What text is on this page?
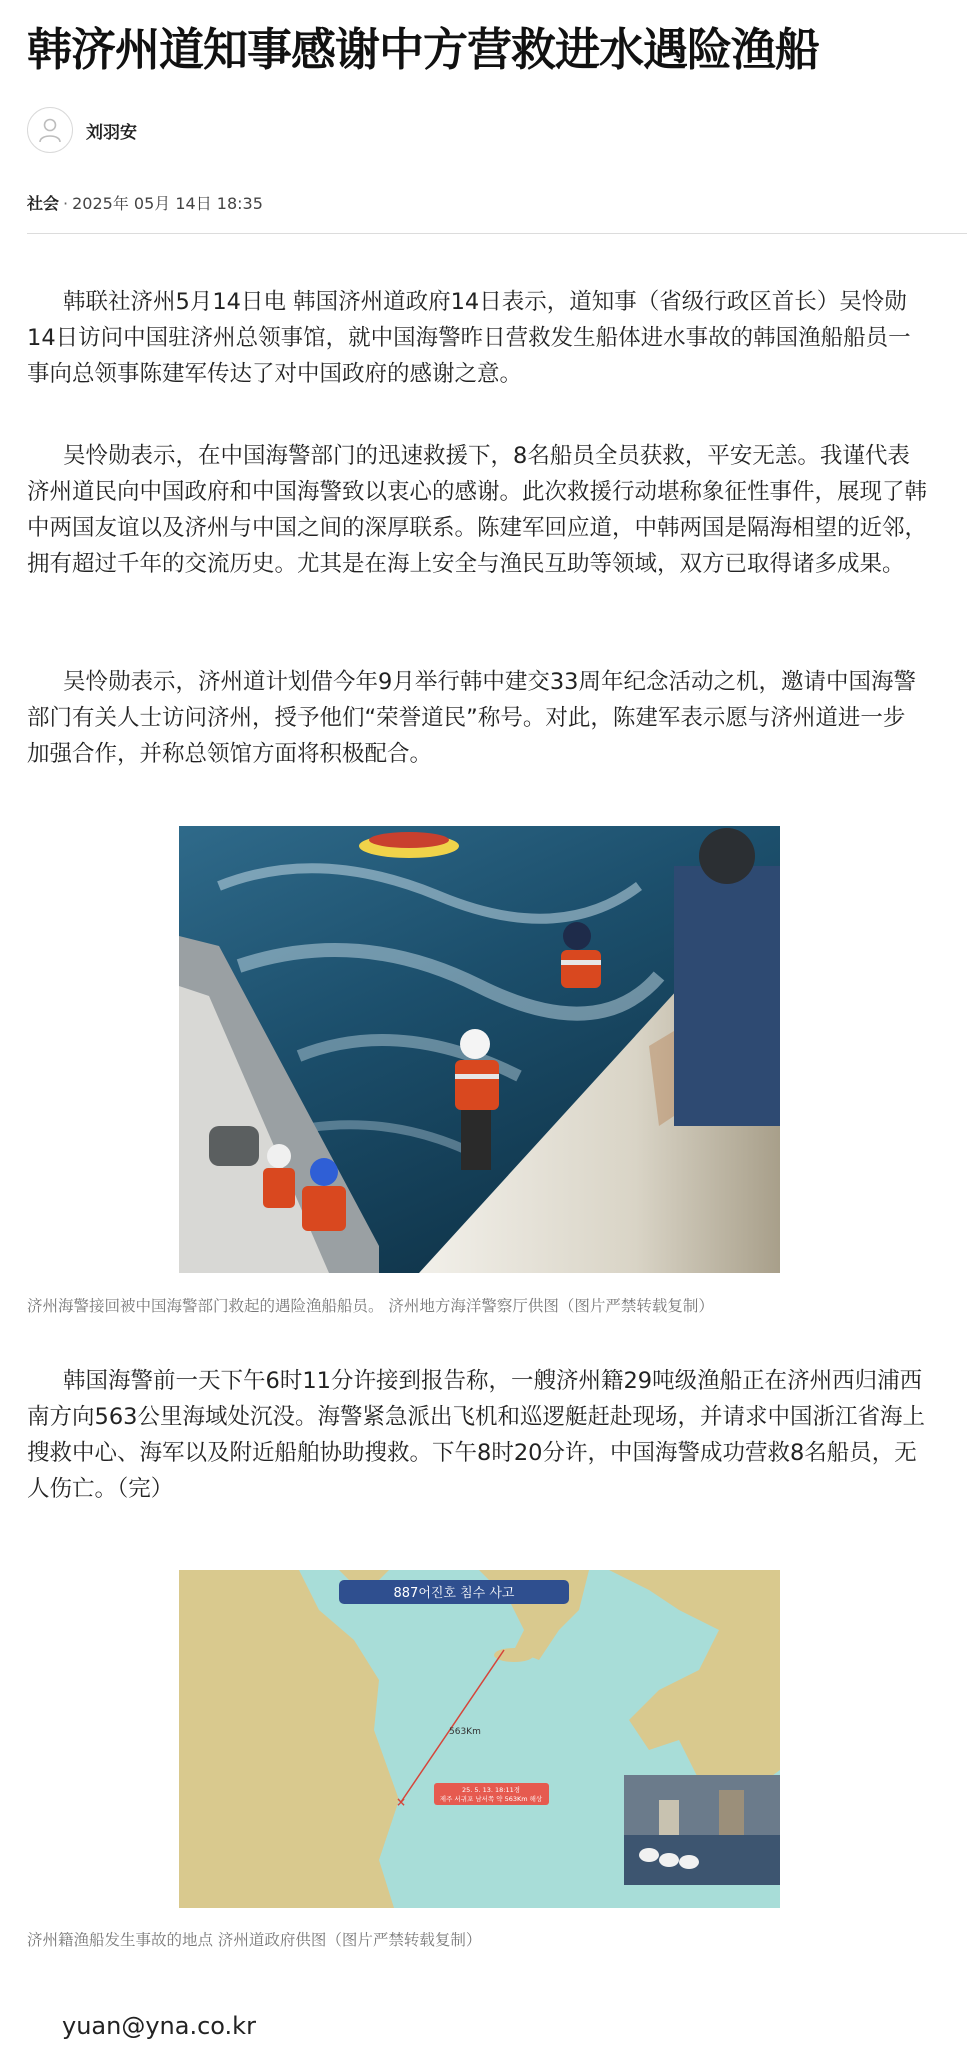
韩济州道知事感谢中方营救进水遇险渔船
刘羽安
社会 · 2025年 05月 14日 18:35

韩联社济州5月14日电 韩国济州道政府14日表示，道知事（省级行政区首长）吴怜勋14日访问中国驻济州总领事馆，就中国海警昨日营救发生船体进水事故的韩国渔船船员一事向总领事陈建军传达了对中国政府的感谢之意。

吴怜勋表示，在中国海警部门的迅速救援下，8名船员全员获救，平安无恙。我谨代表济州道民向中国政府和中国海警致以衷心的感谢。此次救援行动堪称象征性事件，展现了韩中两国友谊以及济州与中国之间的深厚联系。陈建军回应道，中韩两国是隔海相望的近邻，拥有超过千年的交流历史。尤其是在海上安全与渔民互助等领域，双方已取得诸多成果。

吴怜勋表示，济州道计划借今年9月举行韩中建交33周年纪念活动之机，邀请中国海警部门有关人士访问济州，授予他们“荣誉道民”称号。对此，陈建军表示愿与济州道进一步加强合作，并称总领馆方面将积极配合。

济州海警接回被中国海警部门救起的遇险渔船船员。 济州地方海洋警察厅供图（图片严禁转载复制）

韩国海警前一天下午6时11分许接到报告称，一艘济州籍29吨级渔船正在济州西归浦西南方向563公里海域处沉没。海警紧急派出飞机和巡逻艇赶赴现场，并请求中国浙江省海上搜救中心、海军以及附近船舶协助搜救。下午8时20分许，中国海警成功营救8名船员，无人伤亡。（完）

887어진호 침수 사고
563Km
×
25. 5. 13. 18:11경
제주 서귀포 남서쪽 약 563Km 해상
济州籍渔船发生事故的地点 济州道政府供图（图片严禁转载复制）
yuan@yna.co.kr
